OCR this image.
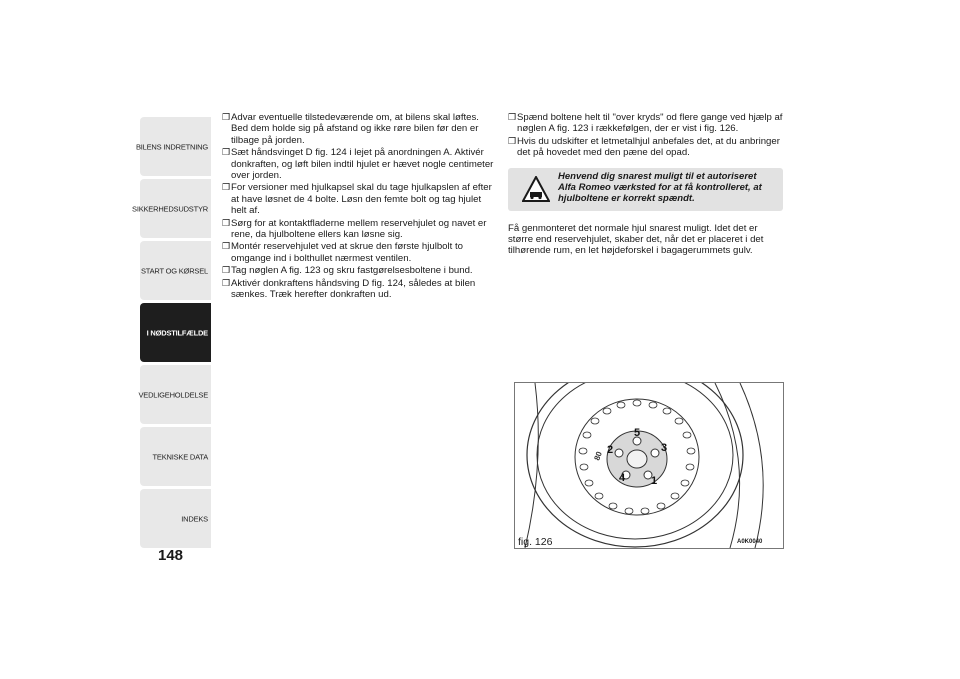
BILENS INDRETNING
SIKKERHEDSUDSTYR
START OG KØRSEL
I NØDSTILFÆLDE
VEDLIGEHOLDELSE
TEKNISKE DATA
INDEKS
148
❒ Advar eventuelle tilstedeværende om, at bilens skal løftes. Bed dem holde sig på afstand og ikke røre bilen før den er tilbage på jorden.
❒ Sæt håndsvinget D fig. 124 i lejet på anordningen A. Aktivér donkraften, og løft bilen indtil hjulet er hævet nogle centimeter over jorden.
❒ For versioner med hjulkapsel skal du tage hjulkapslen af efter at have løsnet de 4 bolte. Løsn den femte bolt og tag hjulet helt af.
❒ Sørg for at kontaktfladerne mellem reservehjulet og navet er rene, da hjulboltene ellers kan løsne sig.
❒ Montér reservehjulet ved at skrue den første hjulbolt to omgange ind i bolthullet nærmest ventilen.
❒ Tag nøglen A fig. 123 og skru fastgørelsesboltene i bund.
❒ Aktivér donkraftens håndsving D fig. 124, således at bilen sænkes. Træk herefter donkraften ud.
❒ Spænd boltene helt til "over kryds" od flere gange ved hjælp af nøglen A fig. 123 i rækkefølgen, der er vist i fig. 126.
❒ Hvis du udskifter et letmetalhjul anbefales det, at du anbringer det på hovedet med den pæne del opad.
Henvend dig snarest muligt til et autoriseret Alfa Romeo værksted for at få kontrolleret, at hjulboltene er korrekt spændt.

Få genmonteret det normale hjul snarest muligt. Idet det er større end reservehjulet, skaber det, når det er placeret i det tilhørende rum, en let højdeforskel i bagagerummets gulv.

1
2	3
4
5
80
fig. 126	A0K0040
